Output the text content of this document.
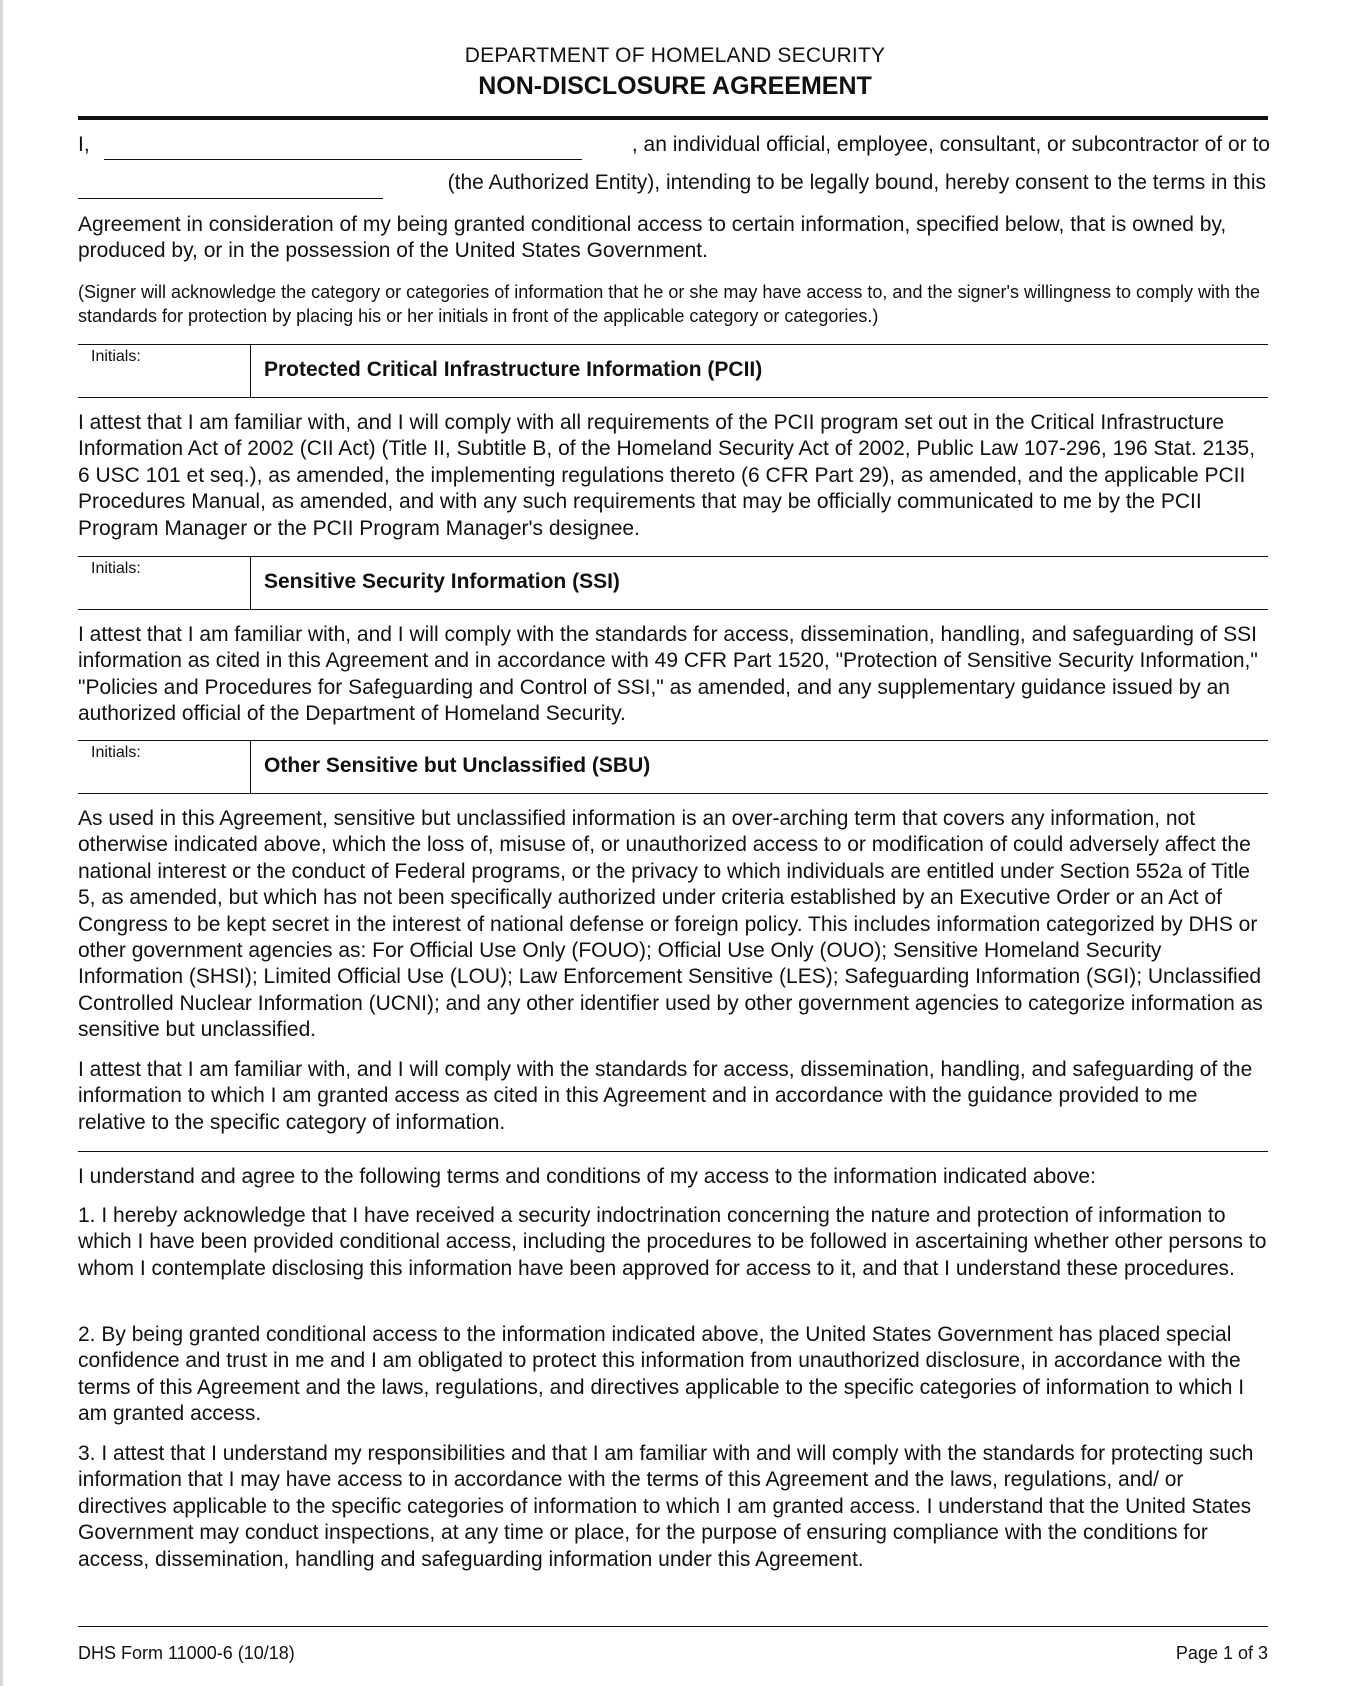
DEPARTMENT OF HOMELAND SECURITY
NON-DISCLOSURE AGREEMENT
I,	, an individual official, employee, consultant, or subcontractor of or to
(the Authorized Entity), intending to be legally bound, hereby consent to the terms in this
Agreement in consideration of my being granted conditional access to certain information, specified below, that is owned by, produced by, or in the possession of the United States Government.
(Signer will acknowledge the category or categories of information that he or she may have access to, and the signer's willingness to comply with the standards for protection by placing his or her initials in front of the applicable category or categories.)
Initials:
Protected Critical Infrastructure Information (PCII)
I attest that I am familiar with, and I will comply with all requirements of the PCII program set out in the Critical Infrastructure Information Act of 2002 (CII Act) (Title II, Subtitle B, of the Homeland Security Act of 2002, Public Law 107-296, 196 Stat. 2135, 6 USC 101 et seq.), as amended, the implementing regulations thereto (6 CFR Part 29), as amended, and the applicable PCII Procedures Manual, as amended, and with any such requirements that may be officially communicated to me by the PCII Program Manager or the PCII Program Manager's designee.
Initials:
Sensitive Security Information (SSI)
I attest that I am familiar with, and I will comply with the standards for access, dissemination, handling, and safeguarding of SSI information as cited in this Agreement and in accordance with 49 CFR Part 1520, "Protection of Sensitive Security Information," "Policies and Procedures for Safeguarding and Control of SSI," as amended, and any supplementary guidance issued by an authorized official of the Department of Homeland Security.
Initials:
Other Sensitive but Unclassified (SBU)
As used in this Agreement, sensitive but unclassified information is an over-arching term that covers any information, not otherwise indicated above, which the loss of, misuse of, or unauthorized access to or modification of could adversely affect the national interest or the conduct of Federal programs, or the privacy to which individuals are entitled under Section 552a of Title 5, as amended, but which has not been specifically authorized under criteria established by an Executive Order or an Act of Congress to be kept secret in the interest of national defense or foreign policy. This includes information categorized by DHS or other government agencies as: For Official Use Only (FOUO); Official Use Only (OUO); Sensitive Homeland Security Information (SHSI); Limited Official Use (LOU); Law Enforcement Sensitive (LES); Safeguarding Information (SGI); Unclassified Controlled Nuclear Information (UCNI); and any other identifier used by other government agencies to categorize information as sensitive but unclassified.
I attest that I am familiar with, and I will comply with the standards for access, dissemination, handling, and safeguarding of the information to which I am granted access as cited in this Agreement and in accordance with the guidance provided to me relative to the specific category of information.
I understand and agree to the following terms and conditions of my access to the information indicated above:
1. I hereby acknowledge that I have received a security indoctrination concerning the nature and protection of information to which I have been provided conditional access, including the procedures to be followed in ascertaining whether other persons to whom I contemplate disclosing this information have been approved for access to it, and that I understand these procedures.
2. By being granted conditional access to the information indicated above, the United States Government has placed special confidence and trust in me and I am obligated to protect this information from unauthorized disclosure, in accordance with the terms of this Agreement and the laws, regulations, and directives applicable to the specific categories of information to which I am granted access.
3. I attest that I understand my responsibilities and that I am familiar with and will comply with the standards for protecting such information that I may have access to in accordance with the terms of this Agreement and the laws, regulations, and/ or directives applicable to the specific categories of information to which I am granted access. I understand that the United States Government may conduct inspections, at any time or place, for the purpose of ensuring compliance with the conditions for access, dissemination, handling and safeguarding information under this Agreement.
DHS Form 11000-6 (10/18)	Page 1 of 3
